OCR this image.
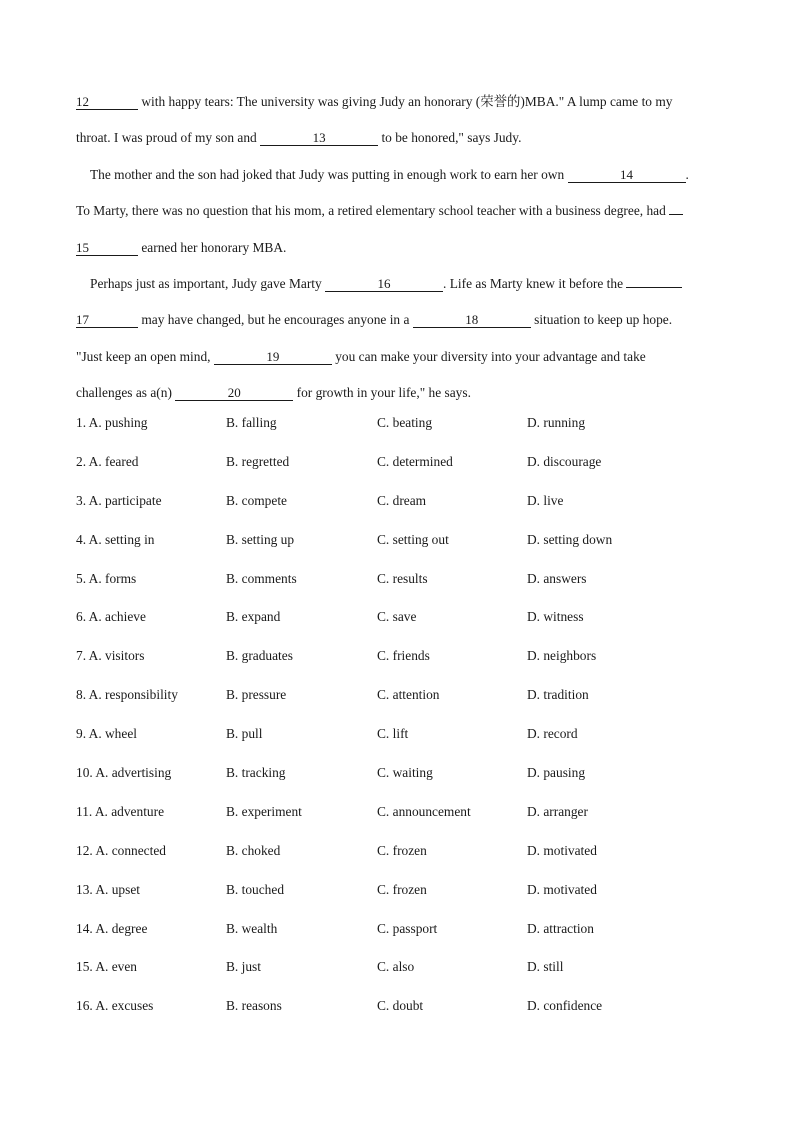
12	with happy tears: The university was giving Judy an honorary (荣誉的)MBA." A lump came to my
throat. I was proud of my son and	13	to be honored," says Judy.
The mother and the son had joked that Judy was putting in enough work to earn her own	14	.
To Marty, there was no question that his mom, a retired elementary school teacher with a business degree, had
15	earned her honorary MBA.
Perhaps just as important, Judy gave Marty	16	. Life as Marty knew it before the
17	may have changed, but he encourages anyone in a	18	situation to keep up hope.
"Just keep an open mind,	19	you can make your diversity into your advantage and take
challenges as a(n)	20	for growth in your life," he says.
1. A. pushing	B. falling	C. beating	D. running
2. A. feared	B. regretted	C. determined	D. discourage
3. A. participate	B. compete	C. dream	D. live
4. A. setting in	B. setting up	C. setting out	D. setting down
5. A. forms	B. comments	C. results	D. answers
6. A. achieve	B. expand	C. save	D. witness
7. A. visitors	B. graduates	C. friends	D. neighbors
8. A. responsibility	B. pressure	C. attention	D. tradition
9. A. wheel	B. pull	C. lift	D. record
10. A. advertising	B. tracking	C. waiting	D. pausing
11. A. adventure	B. experiment	C. announcement	D. arranger
12. A. connected	B. choked	C. frozen	D. motivated
13. A. upset	B. touched	C. frozen	D. motivated
14. A. degree	B. wealth	C. passport	D. attraction
15. A. even	B. just	C. also	D. still
16. A. excuses	B. reasons	C. doubt	D. confidence
